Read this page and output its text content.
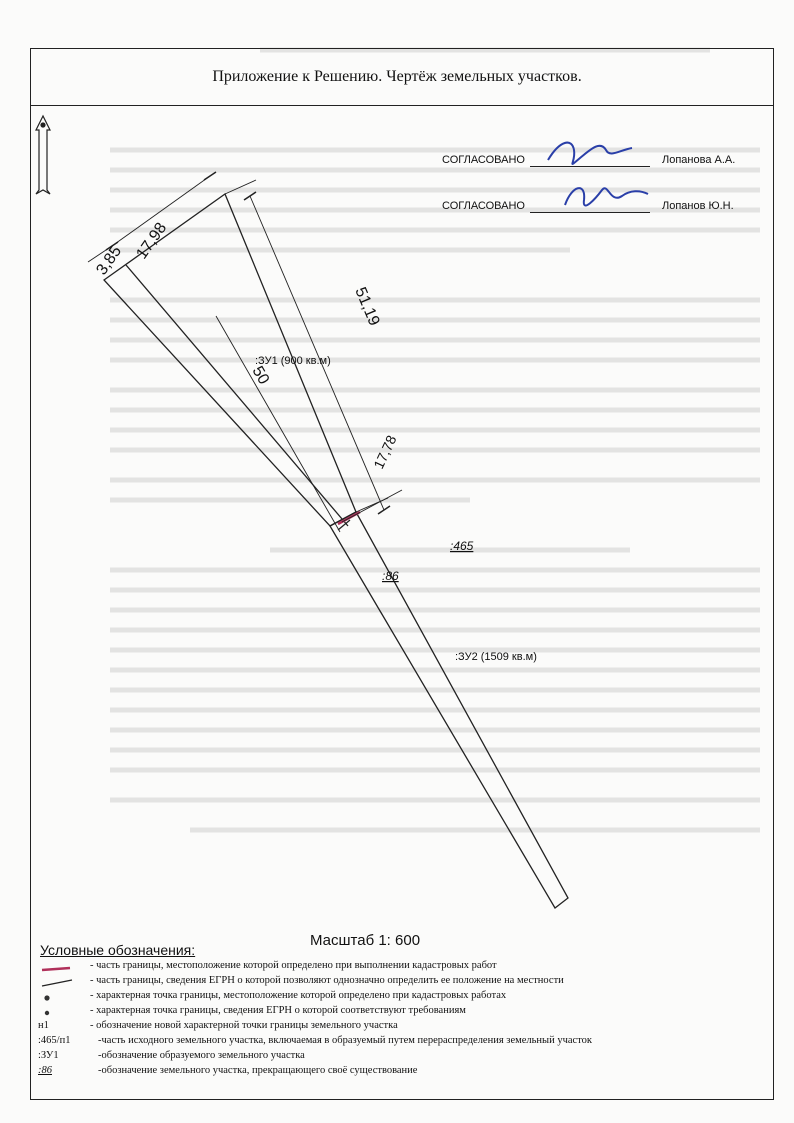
Приложение к Решению. Чертёж земельных участков.
СОГЛАСОВАНО	Лопанова А.А.
СОГЛАСОВАНО	Лопанов Ю.Н.
3,85 17,98
51,19
50
17,78
:ЗУ1 (900 кв.м)
:ЗУ2 (1509 кв.м)
:465
:86
Масштаб 1: 600
Условные обозначения:
- часть границы, местоположение которой определено при выполнении кадастровых работ
- часть границы, сведения ЕГРН о которой позволяют однозначно определить ее положение на местности
- характерная точка границы, местоположение которой определено при кадастровых работах
- характерная точка границы, сведения ЕГРН о которой соответствуют требованиям
н1	- обозначение новой характерной точки границы земельного участка
:465/п1	-часть исходного земельного участка, включаемая в образуемый путем перераспределения земельный участок
:ЗУ1	-обозначение образуемого земельного участка
:86	-обозначение земельного участка, прекращающего своё существование
